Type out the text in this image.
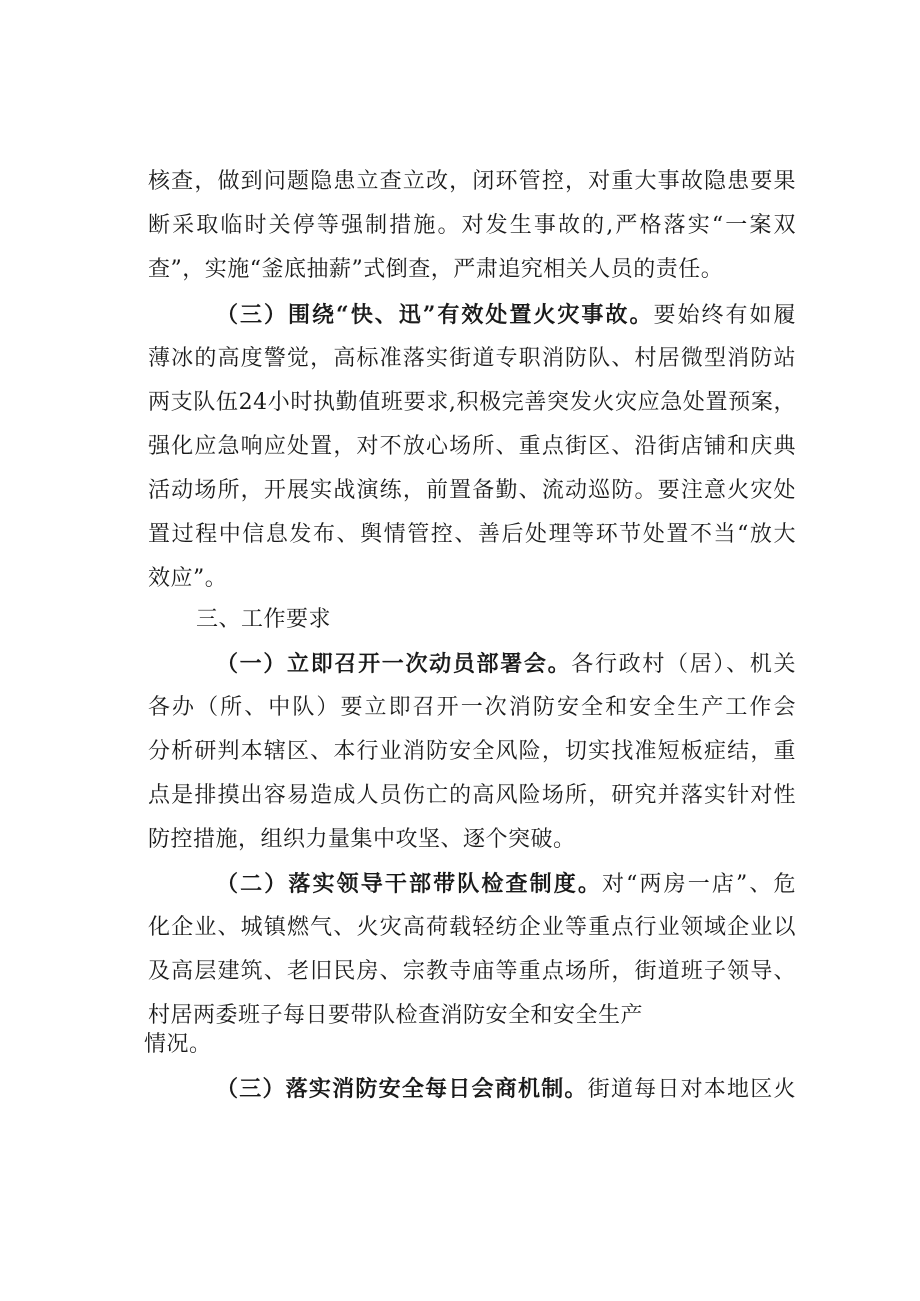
核查，做到问题隐患立查立改，闭环管控，对重大事故隐患要果
断采取临时关停等强制措施。对发生事故的,严格落实“一案双
查”，实施“釜底抽薪”式倒查，严肃追究相关人员的责任。
（三）围绕“快、迅”有效处置火灾事故。要始终有如履
薄冰的高度警觉，高标准落实街道专职消防队、村居微型消防站
两支队伍24小时执勤值班要求,积极完善突发火灾应急处置预案，
强化应急响应处置，对不放心场所、重点街区、沿街店铺和庆典
活动场所，开展实战演练，前置备勤、流动巡防。要注意火灾处
置过程中信息发布、舆情管控、善后处理等环节处置不当“放大
效应”。
三、工作要求
（一）立即召开一次动员部署会。各行政村（居）、机关
各办（所、中队）要立即召开一次消防安全和安全生产工作会
分析研判本辖区、本行业消防安全风险，切实找准短板症结，重
点是排摸出容易造成人员伤亡的高风险场所，研究并落实针对性
防控措施，组织力量集中攻坚、逐个突破。
（二）落实领导干部带队检查制度。对“两房一店”、危
化企业、城镇燃气、火灾高荷载轻纺企业等重点行业领域企业以
及高层建筑、老旧民房、宗教寺庙等重点场所，街道班子领导、
村居两委班子每日要带队检查消防安全和安全生产
情况。
（三）落实消防安全每日会商机制。街道每日对本地区火
